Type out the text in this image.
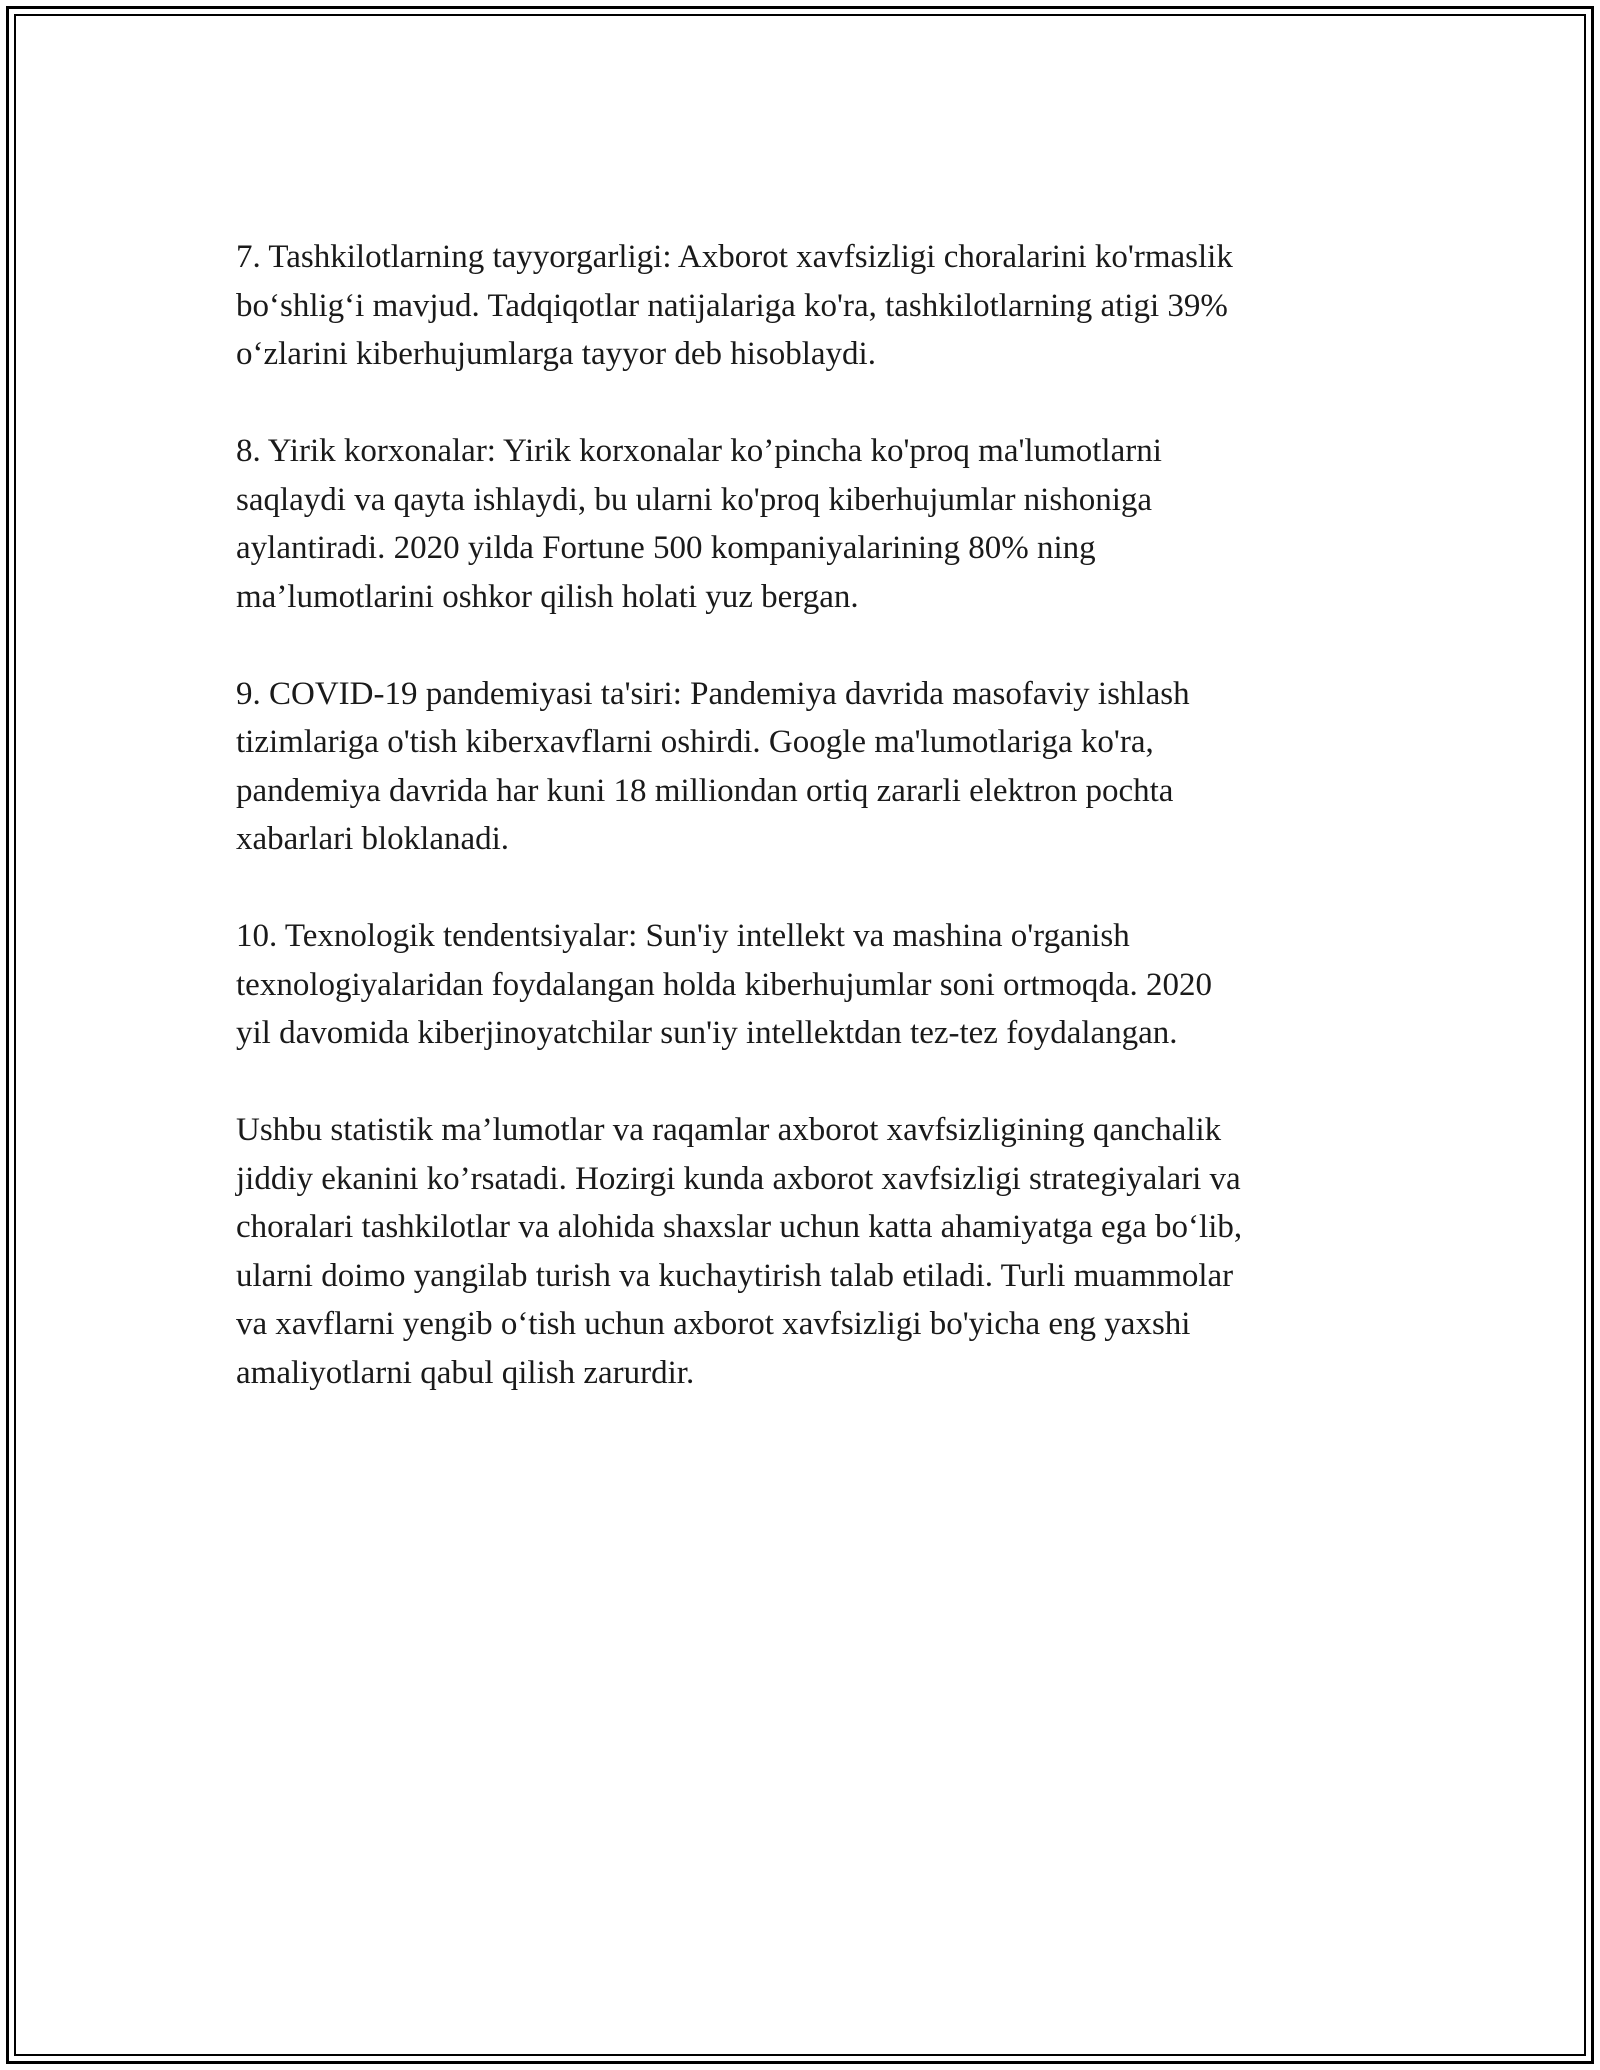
7. Tashkilotlarning tayyorgarligi: Axborot xavfsizligi choralarini ko'rmaslik
bo‘shlig‘i mavjud. Tadqiqotlar natijalariga ko'ra, tashkilotlarning atigi 39%
o‘zlarini kiberhujumlarga tayyor deb hisoblaydi.

8. Yirik korxonalar: Yirik korxonalar ko’pincha ko'proq ma'lumotlarni
saqlaydi va qayta ishlaydi, bu ularni ko'proq kiberhujumlar nishoniga
aylantiradi. 2020 yilda Fortune 500 kompaniyalarining 80% ning
ma’lumotlarini oshkor qilish holati yuz bergan.

9. COVID-19 pandemiyasi ta'siri: Pandemiya davrida masofaviy ishlash
tizimlariga o'tish kiberxavflarni oshirdi. Google ma'lumotlariga ko'ra,
pandemiya davrida har kuni 18 milliondan ortiq zararli elektron pochta
xabarlari bloklanadi.

10. Texnologik tendentsiyalar: Sun'iy intellekt va mashina o'rganish
texnologiyalaridan foydalangan holda kiberhujumlar soni ortmoqda. 2020
yil davomida kiberjinoyatchilar sun'iy intellektdan tez-tez foydalangan.

Ushbu statistik ma’lumotlar va raqamlar axborot xavfsizligining qanchalik
jiddiy ekanini ko’rsatadi. Hozirgi kunda axborot xavfsizligi strategiyalari va
choralari tashkilotlar va alohida shaxslar uchun katta ahamiyatga ega bo‘lib,
ularni doimo yangilab turish va kuchaytirish talab etiladi. Turli muammolar
va xavflarni yengib o‘tish uchun axborot xavfsizligi bo'yicha eng yaxshi
amaliyotlarni qabul qilish zarurdir.
